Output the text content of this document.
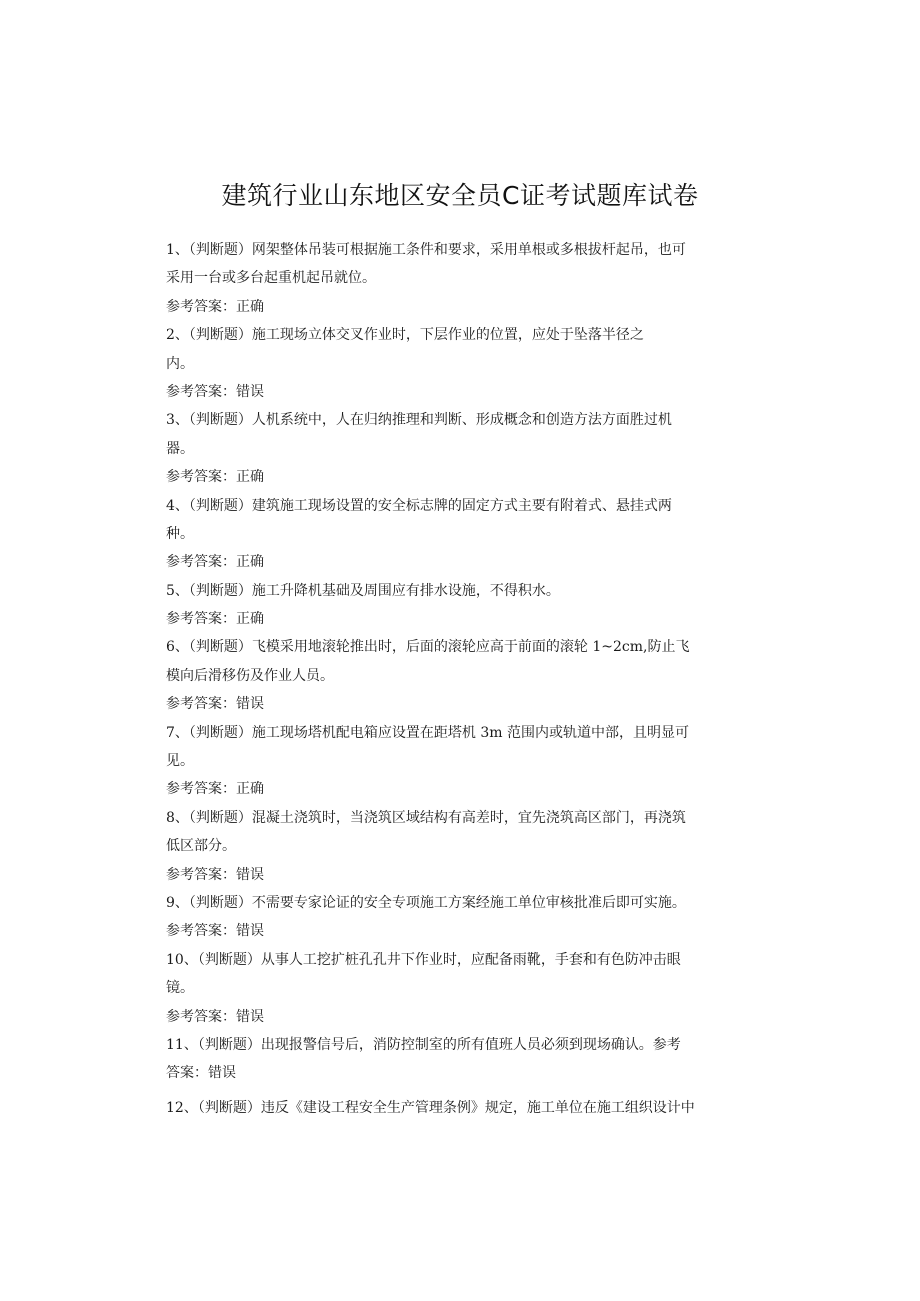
建筑行业山东地区安全员C证考试题库试卷
1、（判断题）网架整体吊装可根据施工条件和要求，采用单根或多根拔杆起吊，也可
采用一台或多台起重机起吊就位。
参考答案：正确
2、（判断题）施工现场立体交叉作业时，下层作业的位置，应处于坠落半径之
内。
参考答案：错误
3、（判断题）人机系统中，人在归纳推理和判断、形成概念和创造方法方面胜过机
器。
参考答案：正确
4、（判断题）建筑施工现场设置的安全标志牌的固定方式主要有附着式、悬挂式两
种。
参考答案：正确
5、（判断题）施工升降机基础及周围应有排水设施，不得积水。
参考答案：正确
6、（判断题）飞模采用地滚轮推出时，后面的滚轮应高于前面的滚轮 1~2cm,防止飞
模向后滑移伤及作业人员。
参考答案：错误
7、（判断题）施工现场塔机配电箱应设置在距塔机 3m 范围内或轨道中部，且明显可
见。
参考答案：正确
8、（判断题）混凝土浇筑时，当浇筑区域结构有高差时，宜先浇筑高区部门，再浇筑
低区部分。
参考答案：错误
9、（判断题）不需要专家论证的安全专项施工方案经施工单位审核批准后即可实施。
参考答案：错误
10、（判断题）从事人工挖扩桩孔孔井下作业时，应配备雨靴，手套和有色防冲击眼
镜。
参考答案：错误
11、（判断题）出现报警信号后，消防控制室的所有值班人员必须到现场确认。参考
答案：错误
12、（判断题）违反《建设工程安全生产管理条例》规定，施工单位在施工组织设计中
